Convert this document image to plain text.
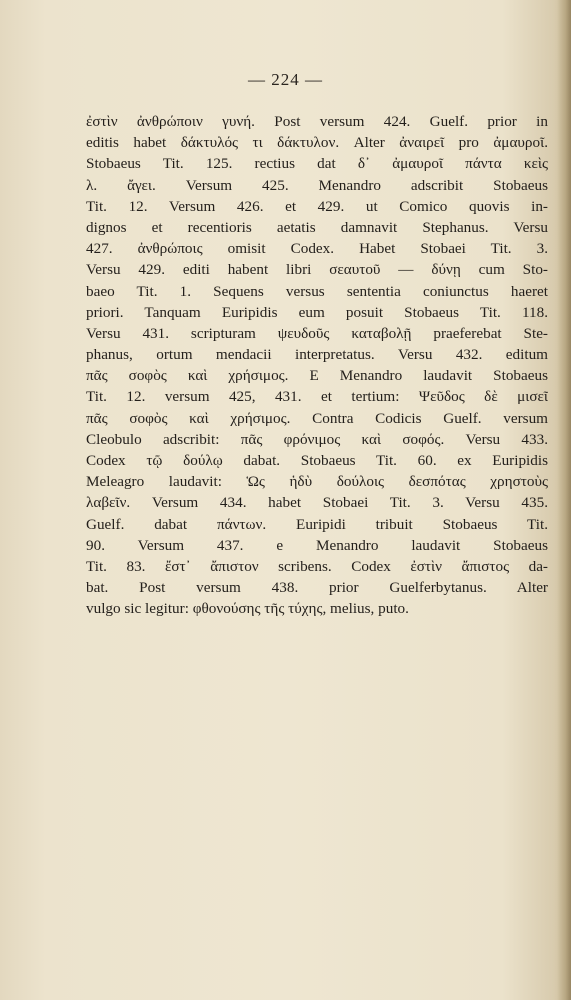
— 224 —
ἐστὶν ἀνθρώποιν γυνή. Post versum 424. Guelf. prior in
editis habet δάκτυλός τι δάκτυλον. Alter ἀναιρεῖ pro ἀμαυροῖ.
Stobaeus Tit. 125. rectius dat δ᾽ ἀμαυροῖ πάντα κεὶς
λ. ἄγει. Versum 425. Menandro adscribit Stobaeus
Tit. 12. Versum 426. et 429. ut Comico quovis in-
dignos et recentioris aetatis damnavit Stephanus. Versu
427. ἀνθρώποις omisit Codex. Habet Stobaei Tit. 3.
Versu 429. editi habent libri σεαυτοῦ — δύνῃ cum Sto-
baeo Tit. 1. Sequens versus sententia coniunctus haeret
priori. Tanquam Euripidis eum posuit Stobaeus Tit. 118.
Versu 431. scripturam ψευδοῦς καταβολῇ praeferebat Ste-
phanus, ortum mendacii interpretatus. Versu 432. editum
πᾶς σοφὸς καὶ χρήσιμος. E Menandro laudavit Stobaeus
Tit. 12. versum 425, 431. et tertium: Ψεῦδος δὲ μισεῖ
πᾶς σοφὸς καὶ χρήσιμος. Contra Codicis Guelf. versum
Cleobulo adscribit: πᾶς φρόνιμος καὶ σοφός. Versu 433.
Codex τῷ δούλῳ dabat. Stobaeus Tit. 60. ex Euripidis
Meleagro laudavit: Ὡς ἡδὺ δούλοις δεσπότας χρηστοὺς
λαβεῖν. Versum 434. habet Stobaei Tit. 3. Versu 435.
Guelf. dabat πάντων. Euripidi tribuit Stobaeus Tit.
90. Versum 437. e Menandro laudavit Stobaeus
Tit. 83. ἔστ᾽ ἄπιστον scribens. Codex ἐστὶν ἄπιστος da-
bat. Post versum 438. prior Guelferbytanus. Alter
vulgo sic legitur: φθονούσης τῆς τύχης, melius, puto.
